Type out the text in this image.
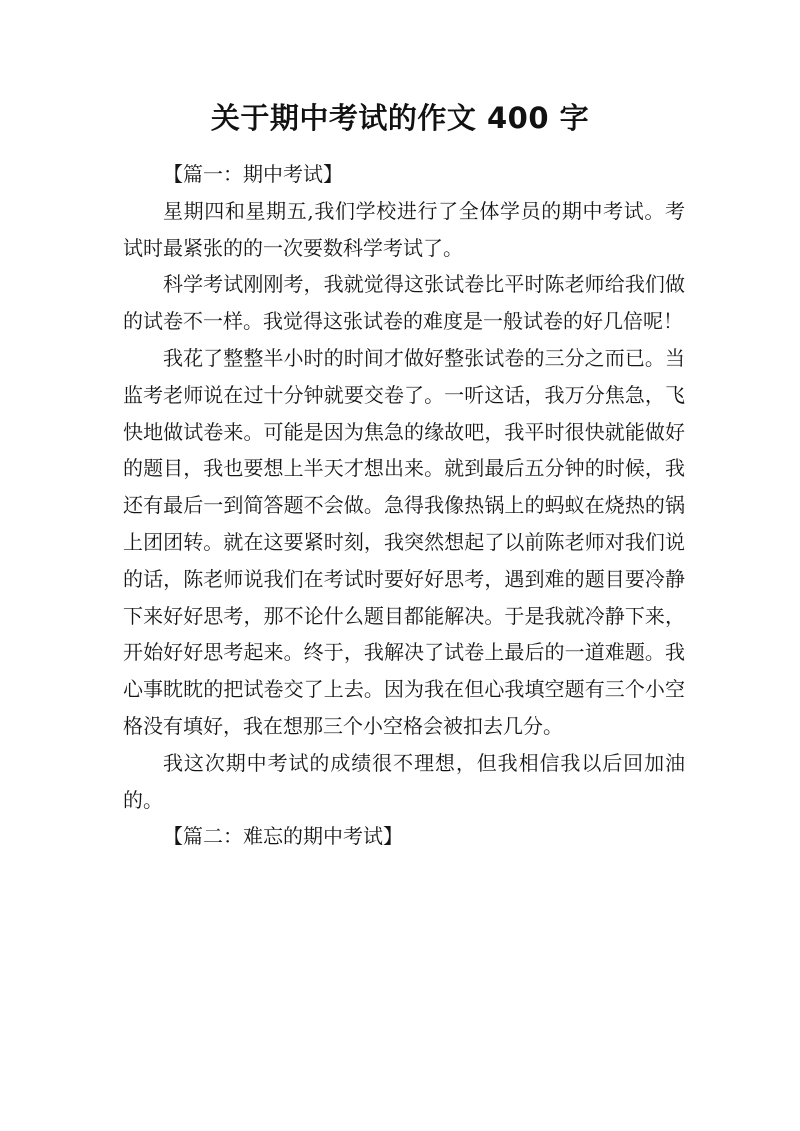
关于期中考试的作文 400 字

【篇一：期中考试】

星期四和星期五,我们学校进行了全体学员的期中考试。考试时最紧张的的一次要数科学考试了。

科学考试刚刚考，我就觉得这张试卷比平时陈老师给我们做的试卷不一样。我觉得这张试卷的难度是一般试卷的好几倍呢！

我花了整整半小时的时间才做好整张试卷的三分之而已。当监考老师说在过十分钟就要交卷了。一听这话，我万分焦急，飞快地做试卷来。可能是因为焦急的缘故吧，我平时很快就能做好的题目，我也要想上半天才想出来。就到最后五分钟的时候，我还有最后一到简答题不会做。急得我像热锅上的蚂蚁在烧热的锅上团团转。就在这要紧时刻，我突然想起了以前陈老师对我们说的话，陈老师说我们在考试时要好好思考，遇到难的题目要冷静下来好好思考，那不论什么题目都能解决。于是我就冷静下来，开始好好思考起来。终于，我解决了试卷上最后的一道难题。我心事眈眈的把试卷交了上去。因为我在但心我填空题有三个小空格没有填好，我在想那三个小空格会被扣去几分。

我这次期中考试的成绩很不理想，但我相信我以后回加油的。

【篇二：难忘的期中考试】
